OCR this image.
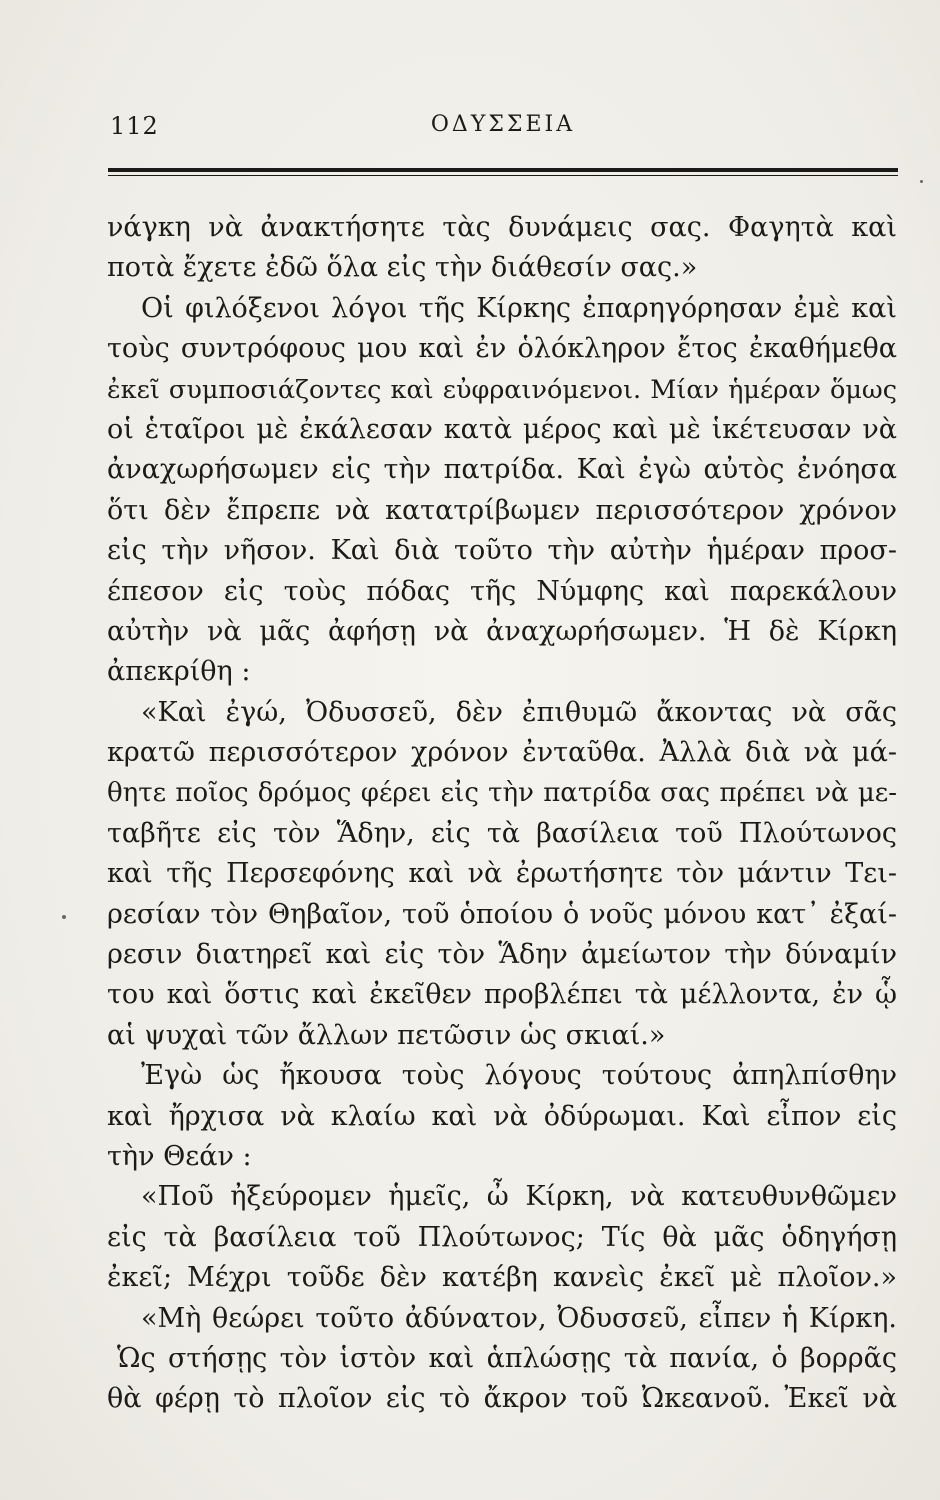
112	ΟΔΥΣΣΕΙΑ
νάγκη νὰ ἀνακτήσητε τὰς δυνάμεις σας. Φαγητὰ καὶ
ποτὰ ἔχετε ἐδῶ ὅλα εἰς τὴν διάθεσίν σας.»
Οἱ φιλόξενοι λόγοι τῆς Κίρκης ἐπαρηγόρησαν ἐμὲ καὶ
τοὺς συντρόφους μου καὶ ἐν ὁλόκληρον ἔτος ἐκαθήμεθα
ἐκεῖ συμποσιάζοντες καὶ εὐφραινόμενοι. Μίαν ἡμέραν ὅμως
οἱ ἑταῖροι μὲ ἐκάλεσαν κατὰ μέρος καὶ μὲ ἱκέτευσαν νὰ
ἀναχωρήσωμεν εἰς τὴν πατρίδα. Καὶ ἐγὼ αὐτὸς ἐνόησα
ὅτι δὲν ἔπρεπε νὰ κατατρίβωμεν περισσότερον χρόνον
εἰς τὴν νῆσον. Καὶ διὰ τοῦτο τὴν αὐτὴν ἡμέραν προσ-
έπεσον εἰς τοὺς πόδας τῆς Νύμφης καὶ παρεκάλουν
αὐτὴν νὰ μᾶς ἀφήσῃ νὰ ἀναχωρήσωμεν. Ἡ δὲ Κίρκη
ἀπεκρίθη :
«Καὶ ἐγώ, Ὀδυσσεῦ, δὲν ἐπιθυμῶ ἄκοντας νὰ σᾶς
κρατῶ περισσότερον χρόνον ἐνταῦθα. Ἀλλὰ διὰ νὰ μά-
θητε ποῖος δρόμος φέρει εἰς τὴν πατρίδα σας πρέπει νὰ με-
ταβῆτε εἰς τὸν Ἅδην, εἰς τὰ βασίλεια τοῦ Πλούτωνος
καὶ τῆς Περσεφόνης καὶ νὰ ἐρωτήσητε τὸν μάντιν Τει-
ρεσίαν τὸν Θηβαῖον, τοῦ ὁποίου ὁ νοῦς μόνου κατ᾽ ἐξαί-
ρεσιν διατηρεῖ καὶ εἰς τὸν Ἅδην ἀμείωτον τὴν δύναμίν
του καὶ ὅστις καὶ ἐκεῖθεν προβλέπει τὰ μέλλοντα, ἐν ᾧ
αἱ ψυχαὶ τῶν ἄλλων πετῶσιν ὡς σκιαί.»
Ἐγὼ ὡς ἤκουσα τοὺς λόγους τούτους ἀπηλπίσθην
καὶ ἤρχισα νὰ κλαίω καὶ νὰ ὀδύρωμαι. Καὶ εἶπον εἰς
τὴν Θεάν :
«Ποῦ ἠξεύρομεν ἡμεῖς, ὦ Κίρκη, νὰ κατευθυνθῶμεν
εἰς τὰ βασίλεια τοῦ Πλούτωνος; Τίς θὰ μᾶς ὁδηγήσῃ
ἐκεῖ; Μέχρι τοῦδε δὲν κατέβη κανεὶς ἐκεῖ μὲ πλοῖον.»
«Μὴ θεώρει τοῦτο ἀδύνατον, Ὀδυσσεῦ, εἶπεν ἡ Κίρκη.
Ὡς στήσῃς τὸν ἱστὸν καὶ ἁπλώσῃς τὰ πανία, ὁ βορρᾶς
θὰ φέρῃ τὸ πλοῖον εἰς τὸ ἄκρον τοῦ Ὠκεανοῦ. Ἐκεῖ νὰ
